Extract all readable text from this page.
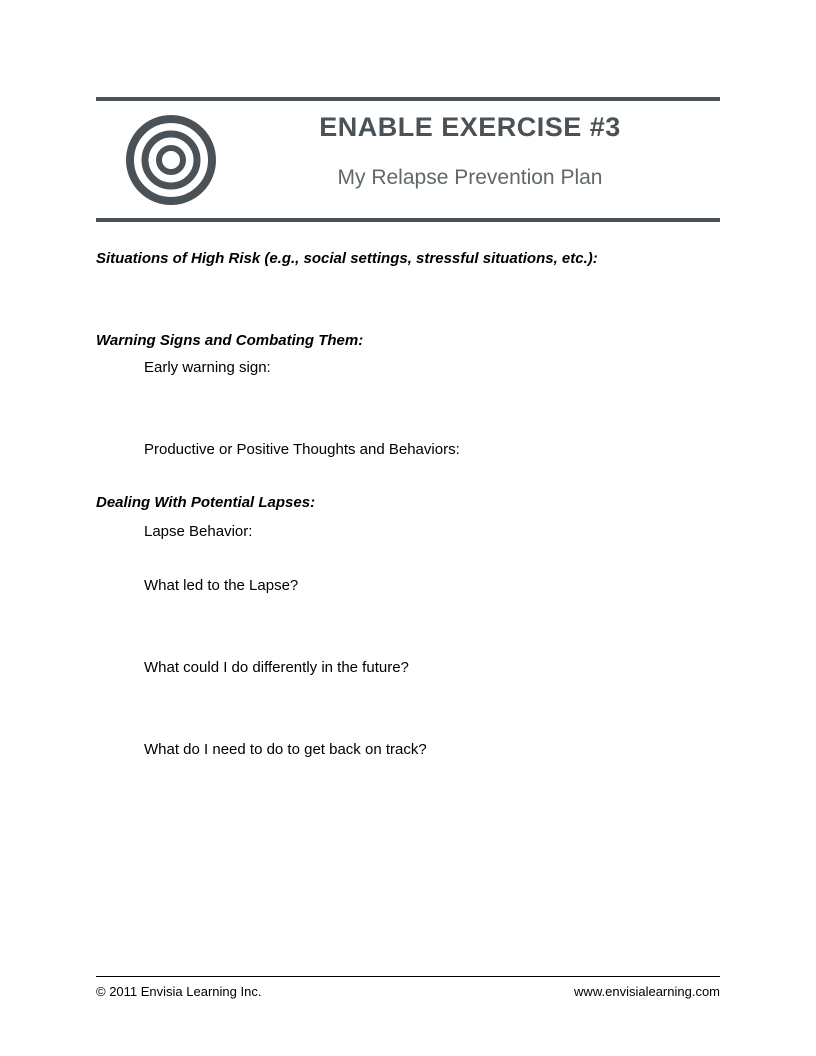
ENABLE EXERCISE #3
My Relapse Prevention Plan
Situations of High Risk (e.g., social settings, stressful situations, etc.):
Warning Signs and Combating Them:
Early warning sign:
Productive or Positive Thoughts and Behaviors:
Dealing With Potential Lapses:
Lapse Behavior:
What led to the Lapse?
What could I do differently in the future?
What do I need to do to get back on track?
© 2011 Envisia Learning Inc.	www.envisialearning.com
